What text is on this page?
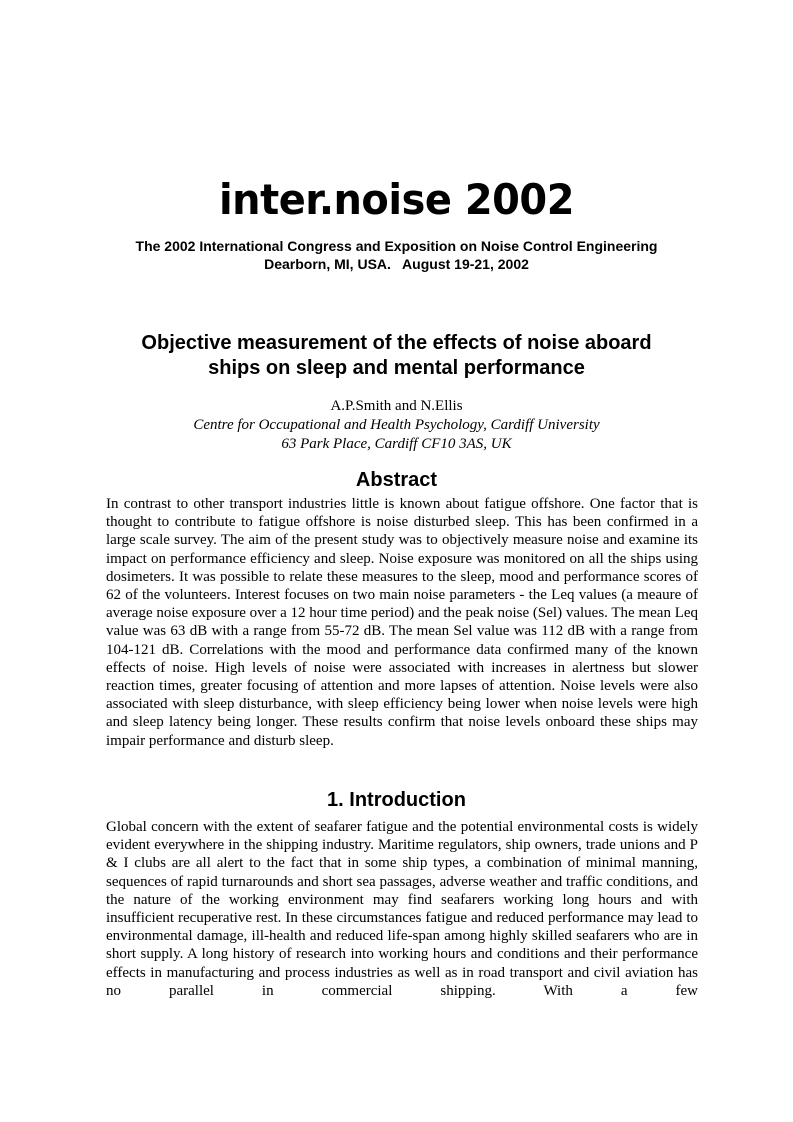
inter.noise 2002
The 2002 International Congress and Exposition on Noise Control Engineering
Dearborn, MI, USA.   August 19-21, 2002
Objective measurement of the effects of noise aboard
ships on sleep and mental performance
A.P.Smith and N.Ellis
Centre for Occupational and Health Psychology, Cardiff University
63 Park Place, Cardiff CF10 3AS, UK
Abstract

In contrast to other transport industries little is known about fatigue offshore. One factor that is thought to contribute to fatigue offshore is noise disturbed sleep. This has been confirmed in a large scale survey. The aim of the present study was to objectively measure noise and examine its impact on performance efficiency and sleep. Noise exposure was monitored on all the ships using dosimeters. It was possible to relate these measures to the sleep, mood and performance scores of 62 of the volunteers. Interest focuses on two main noise parameters - the Leq values (a meaure of average noise exposure over a 12 hour time period) and the peak noise (Sel) values. The mean Leq value was 63 dB with a range from 55-72 dB. The mean Sel value was 112 dB with a range from 104-121 dB. Correlations with the mood and performance data confirmed many of the known effects of noise. High levels of noise were associated with increases in alertness but slower reaction times, greater focusing of attention and more lapses of attention. Noise levels were also associated with sleep disturbance, with sleep efficiency being lower when noise levels were high and sleep latency being longer. These results confirm that noise levels onboard these ships may impair performance and disturb sleep.

1. Introduction

Global concern with the extent of seafarer fatigue and the potential environmental costs is widely evident everywhere in the shipping industry. Maritime regulators, ship owners, trade unions and P & I clubs are all alert to the fact that in some ship types, a combination of minimal manning, sequences of rapid turnarounds and short sea passages, adverse weather and traffic conditions, and the nature of the working environment may find seafarers working long hours and with insufficient recuperative rest. In these circumstances fatigue and reduced performance may lead to environmental damage, ill-health and reduced life-span among highly skilled seafarers who are in short supply. A long history of research into working hours and conditions and their performance effects in manufacturing and process industries as well as in road transport and civil aviation has no parallel in commercial shipping. With a few
